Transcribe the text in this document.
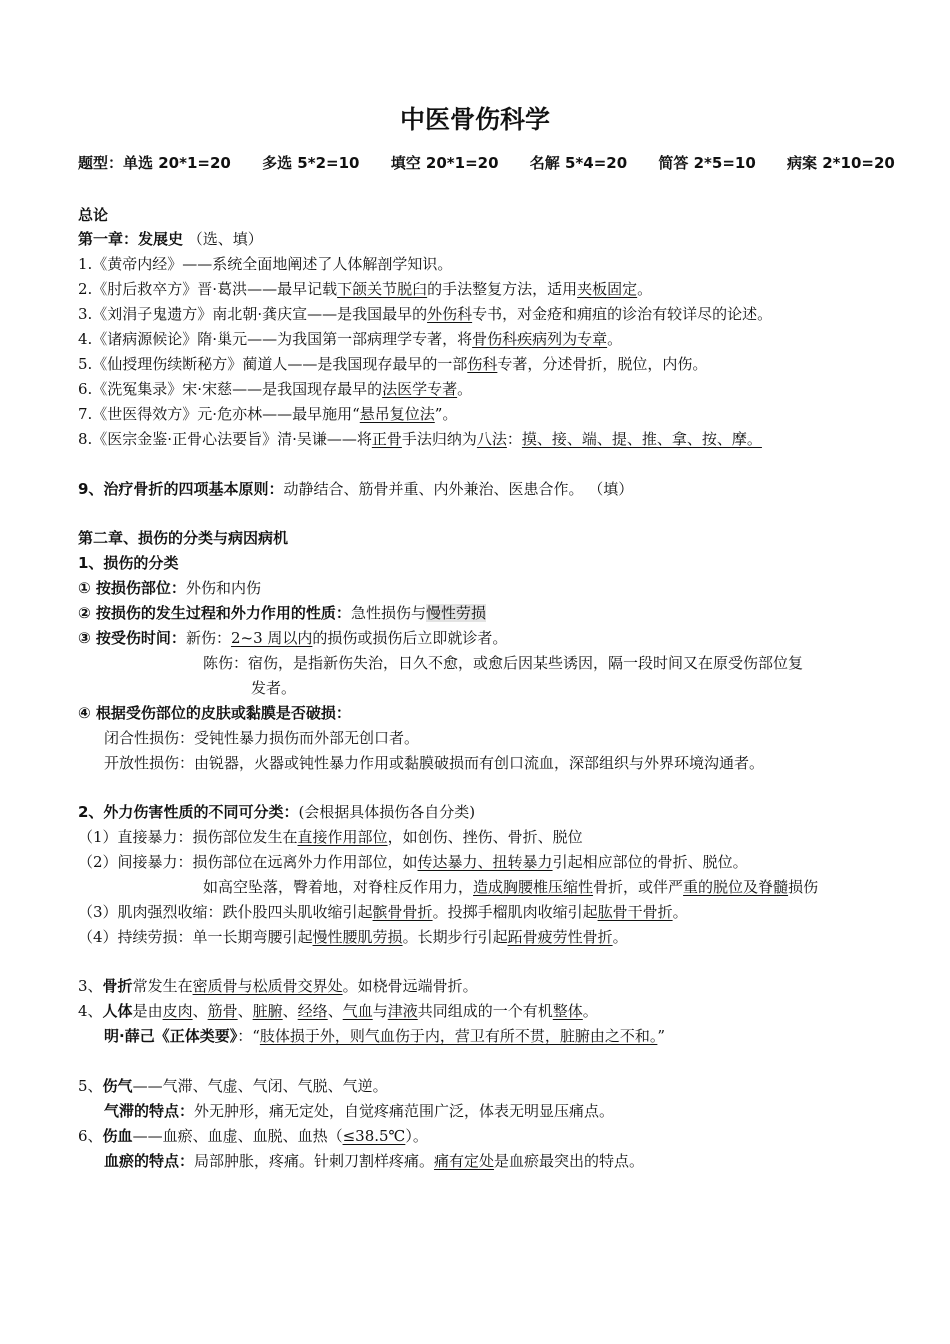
中医骨伤科学
题型：单选 20*1=20 多选 5*2=10 填空 20*1=20 名解 5*4=20 简答 2*5=10 病案 2*10=20
总论
第一章：发展史 （选、填）
1.《黄帝内经》——系统全面地阐述了人体解剖学知识。
2.《肘后救卒方》晋·葛洪——最早记载下颌关节脱臼的手法整复方法，适用夹板固定。
3.《刘涓子鬼遗方》南北朝·龚庆宣——是我国最早的外伤科专书，对金疮和痈疽的诊治有较详尽的论述。
4.《诸病源候论》隋·巢元——为我国第一部病理学专著，将骨伤科疾病列为专章。
5.《仙授理伤续断秘方》蔺道人——是我国现存最早的一部伤科专著，分述骨折，脱位，内伤。
6.《洗冤集录》宋·宋慈——是我国现存最早的法医学专著。
7.《世医得效方》元·危亦林——最早施用“悬吊复位法”。
8.《医宗金鉴·正骨心法要旨》清·吴谦——将正骨手法归纳为八法：摸、接、端、提、推、拿、按、摩。
9、治疗骨折的四项基本原则：动静结合、筋骨并重、内外兼治、医患合作。 （填）
第二章、损伤的分类与病因病机
1、损伤的分类
① 按损伤部位：外伤和内伤
② 按损伤的发生过程和外力作用的性质：急性损伤与慢性劳损
③ 按受伤时间：新伤：2~3 周以内的损伤或损伤后立即就诊者。
陈伤：宿伤，是指新伤失治，日久不愈，或愈后因某些诱因，隔一段时间又在原受伤部位复
发者。
④ 根据受伤部位的皮肤或黏膜是否破损：
闭合性损伤：受钝性暴力损伤而外部无创口者。
开放性损伤：由锐器，火器或钝性暴力作用或黏膜破损而有创口流血，深部组织与外界环境沟通者。
2、外力伤害性质的不同可分类：(会根据具体损伤各自分类)
（1）直接暴力：损伤部位发生在直接作用部位，如创伤、挫伤、骨折、脱位
（2）间接暴力：损伤部位在远离外力作用部位，如传达暴力、扭转暴力引起相应部位的骨折、脱位。
如高空坠落，臀着地，对脊柱反作用力，造成胸腰椎压缩性骨折，或伴严重的脱位及脊髓损伤
（3）肌肉强烈收缩：跌仆股四头肌收缩引起髌骨骨折。投掷手榴肌肉收缩引起肱骨干骨折。
（4）持续劳损：单一长期弯腰引起慢性腰肌劳损。长期步行引起跖骨疲劳性骨折。
3、骨折常发生在密质骨与松质骨交界处。如桡骨远端骨折。
4、人体是由皮肉、筋骨、脏腑、经络、气血与津液共同组成的一个有机整体。
明·薛己《正体类要》：“肢体损于外，则气血伤于内，营卫有所不贯，脏腑由之不和。”
5、伤气——气滞、气虚、气闭、气脱、气逆。
气滞的特点：外无肿形，痛无定处，自觉疼痛范围广泛，体表无明显压痛点。
6、伤血——血瘀、血虚、血脱、血热（≤38.5℃）。
血瘀的特点：局部肿胀，疼痛。针刺刀割样疼痛。痛有定处是血瘀最突出的特点。
